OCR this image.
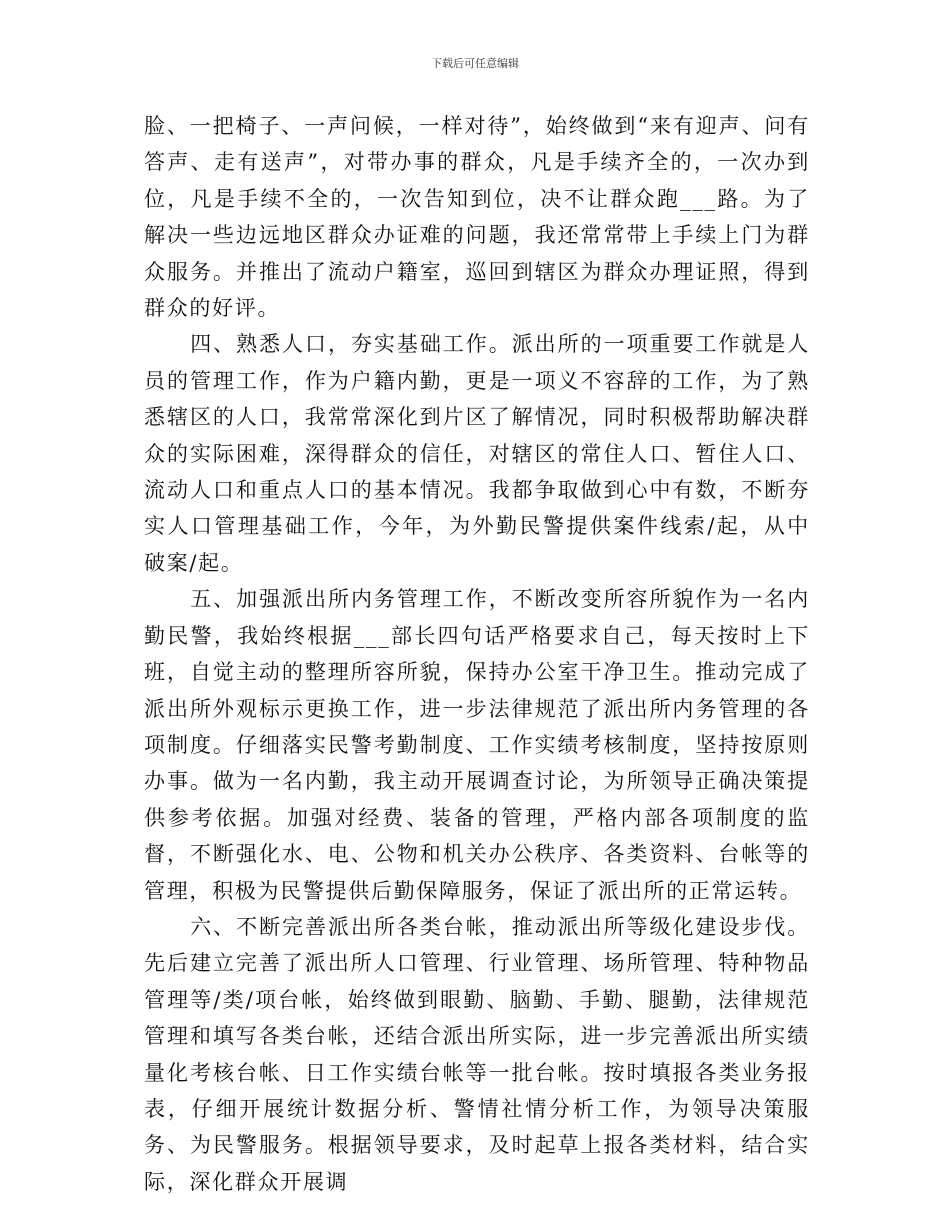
下载后可任意编辑

脸、一把椅子、一声问候，一样对待”，始终做到“来有迎声、问有答声、走有送声”，对带办事的群众，凡是手续齐全的，一次办到位，凡是手续不全的，一次告知到位，决不让群众跑___路。为了解决一些边远地区群众办证难的问题，我还常常带上手续上门为群众服务。并推出了流动户籍室，巡回到辖区为群众办理证照，得到群众的好评。

四、熟悉人口，夯实基础工作。派出所的一项重要工作就是人员的管理工作，作为户籍内勤，更是一项义不容辞的工作，为了熟悉辖区的人口，我常常深化到片区了解情况，同时积极帮助解决群众的实际困难，深得群众的信任，对辖区的常住人口、暂住人口、流动人口和重点人口的基本情况。我都争取做到心中有数，不断夯实人口管理基础工作，今年，为外勤民警提供案件线索/起，从中破案/起。

五、加强派出所内务管理工作，不断改变所容所貌作为一名内勤民警，我始终根据___部长四句话严格要求自己，每天按时上下班，自觉主动的整理所容所貌，保持办公室干净卫生。推动完成了派出所外观标示更换工作，进一步法律规范了派出所内务管理的各项制度。仔细落实民警考勤制度、工作实绩考核制度，坚持按原则办事。做为一名内勤，我主动开展调查讨论，为所领导正确决策提供参考依据。加强对经费、装备的管理，严格内部各项制度的监督，不断强化水、电、公物和机关办公秩序、各类资料、台帐等的管理，积极为民警提供后勤保障服务，保证了派出所的正常运转。

六、不断完善派出所各类台帐，推动派出所等级化建设步伐。先后建立完善了派出所人口管理、行业管理、场所管理、特种物品管理等/类/项台帐，始终做到眼勤、脑勤、手勤、腿勤，法律规范管理和填写各类台帐，还结合派出所实际，进一步完善派出所实绩量化考核台帐、日工作实绩台帐等一批台帐。按时填报各类业务报表，仔细开展统计数据分析、警情社情分析工作，为领导决策服务、为民警服务。根据领导要求，及时起草上报各类材料，结合实际，深化群众开展调
